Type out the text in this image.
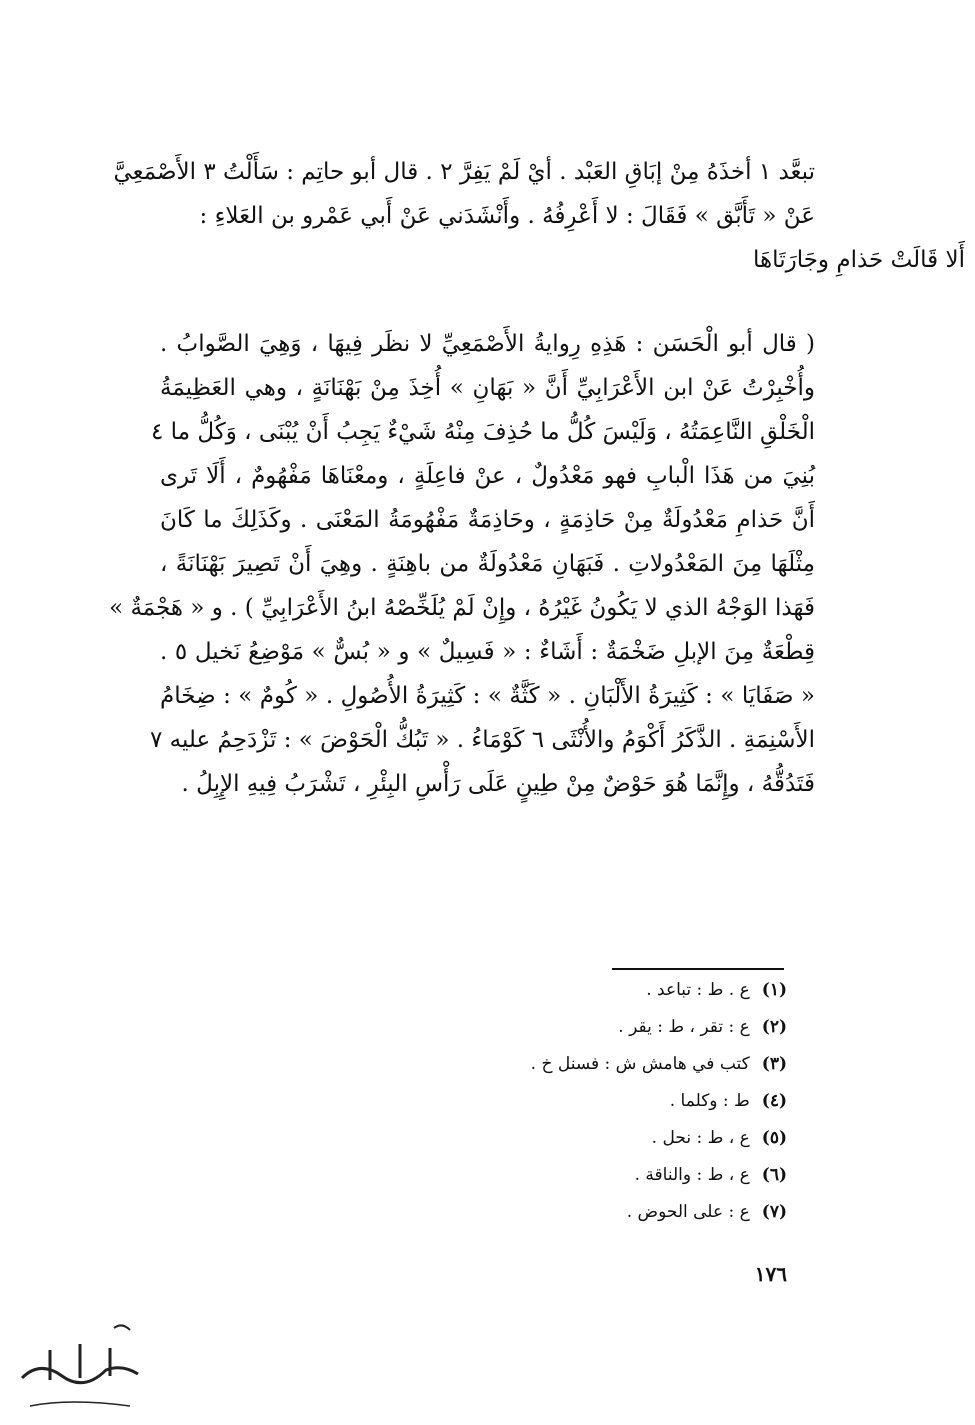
تبعَّد ١ أخذَهُ مِنْ إبَاقِ العَبْد . أيْ لَمْ يَفِرَّ ٢ . قال أبو حاتِم : سَأَلْتُ ٣ الأَصْمَعِيَّ
عَنْ « تَأَبَّق » فَقَالَ : لا أَعْرِفُهُ . وأَنْشَدَني عَنْ أَبي عَمْرو بن العَلاءِ :
أَلا قَالَتْ حَذامِ وجَارَتَاهَا
( قال أبو الْحَسَن : هَذِهِ رِوايةُ الأَصْمَعِيِّ لا نظَر فِيهَا ، وَهِيَ الصَّوابُ .
وأُخْبِرْتُ عَنْ ابن الأَعْرَابِيِّ أَنَّ « بَهَانِ » أُخِذَ مِنْ بَهْنَانَةٍ ، وهي العَظِيمَةُ
الْخَلْقِ النَّاعِمَتُهُ ، وَلَيْسَ كُلُّ ما حُذِفَ مِنْهُ شَيْءٌ يَجِبُ أَنْ يُبْنَى ، وَكُلُّ ما ٤
بُنِيَ من هَذَا الْبابِ فهو مَعْدُولٌ ، عنْ فاعِلَةٍ ، ومعْنَاهَا مَفْهُومٌ ، أَلَا تَرى
أَنَّ حَذامِ مَعْدُولَةٌ مِنْ حَاذِمَةٍ ، وحَاذِمَةٌ مَفْهُومَةُ المَعْنَى . وكَذَلِكَ ما كَانَ
مِثْلَهَا مِنَ المَعْدُولاتِ . فَبَهَانِ مَعْدُولَةٌ من باهِنَةٍ . وهِيَ أَنْ تَصِيرَ بَهْنَانَةً ،
فَهَذا الوَجْهُ الذي لا يَكُونُ غَيْرُهُ ، وإِنْ لَمْ يُلَخِّصْهُ ابنُ الأَعْرَابِيِّ ) . و « هَجْمَةٌ »
قِطْعَةٌ مِنَ الإبلِ ضَخْمَةٌ : أَشَاءٌ : « فَسِيلٌ » و « بُسٌّ » مَوْضِعُ نَخيل ٥ .
« صَفَايَا » : كَثِيرَةُ الأَلْبَانِ . « كَثَّةٌ » : كَثِيرَةُ الأُصُولِ . « كُومٌ » : ضِخَامُ
الأَسْنِمَةِ . الذَّكَرُ أَكْوَمُ والأُنْثَى ٦ كَوْمَاءُ . « تَبُكُّ الْحَوْضَ » : تَزْدَحِمُ عليه ٧
فَتَدُقُّهُ ، وإِنَّمَا هُوَ حَوْضٌ مِنْ طِينٍ عَلَى رَأْسِ البِئْرِ ، تَشْرَبُ فِيهِ الإِبِلُ .
(١)ع . ط : تباعد .
(٢)ع : تقر ، ط : يقر .
(٣)كتب في هامش ش : فسنل خ .
(٤)ط : وكلما .
(٥)ع ، ط : نحل .
(٦)ع ، ط : والناقة .
(٧)ع : على الحوض .
١٧٦
